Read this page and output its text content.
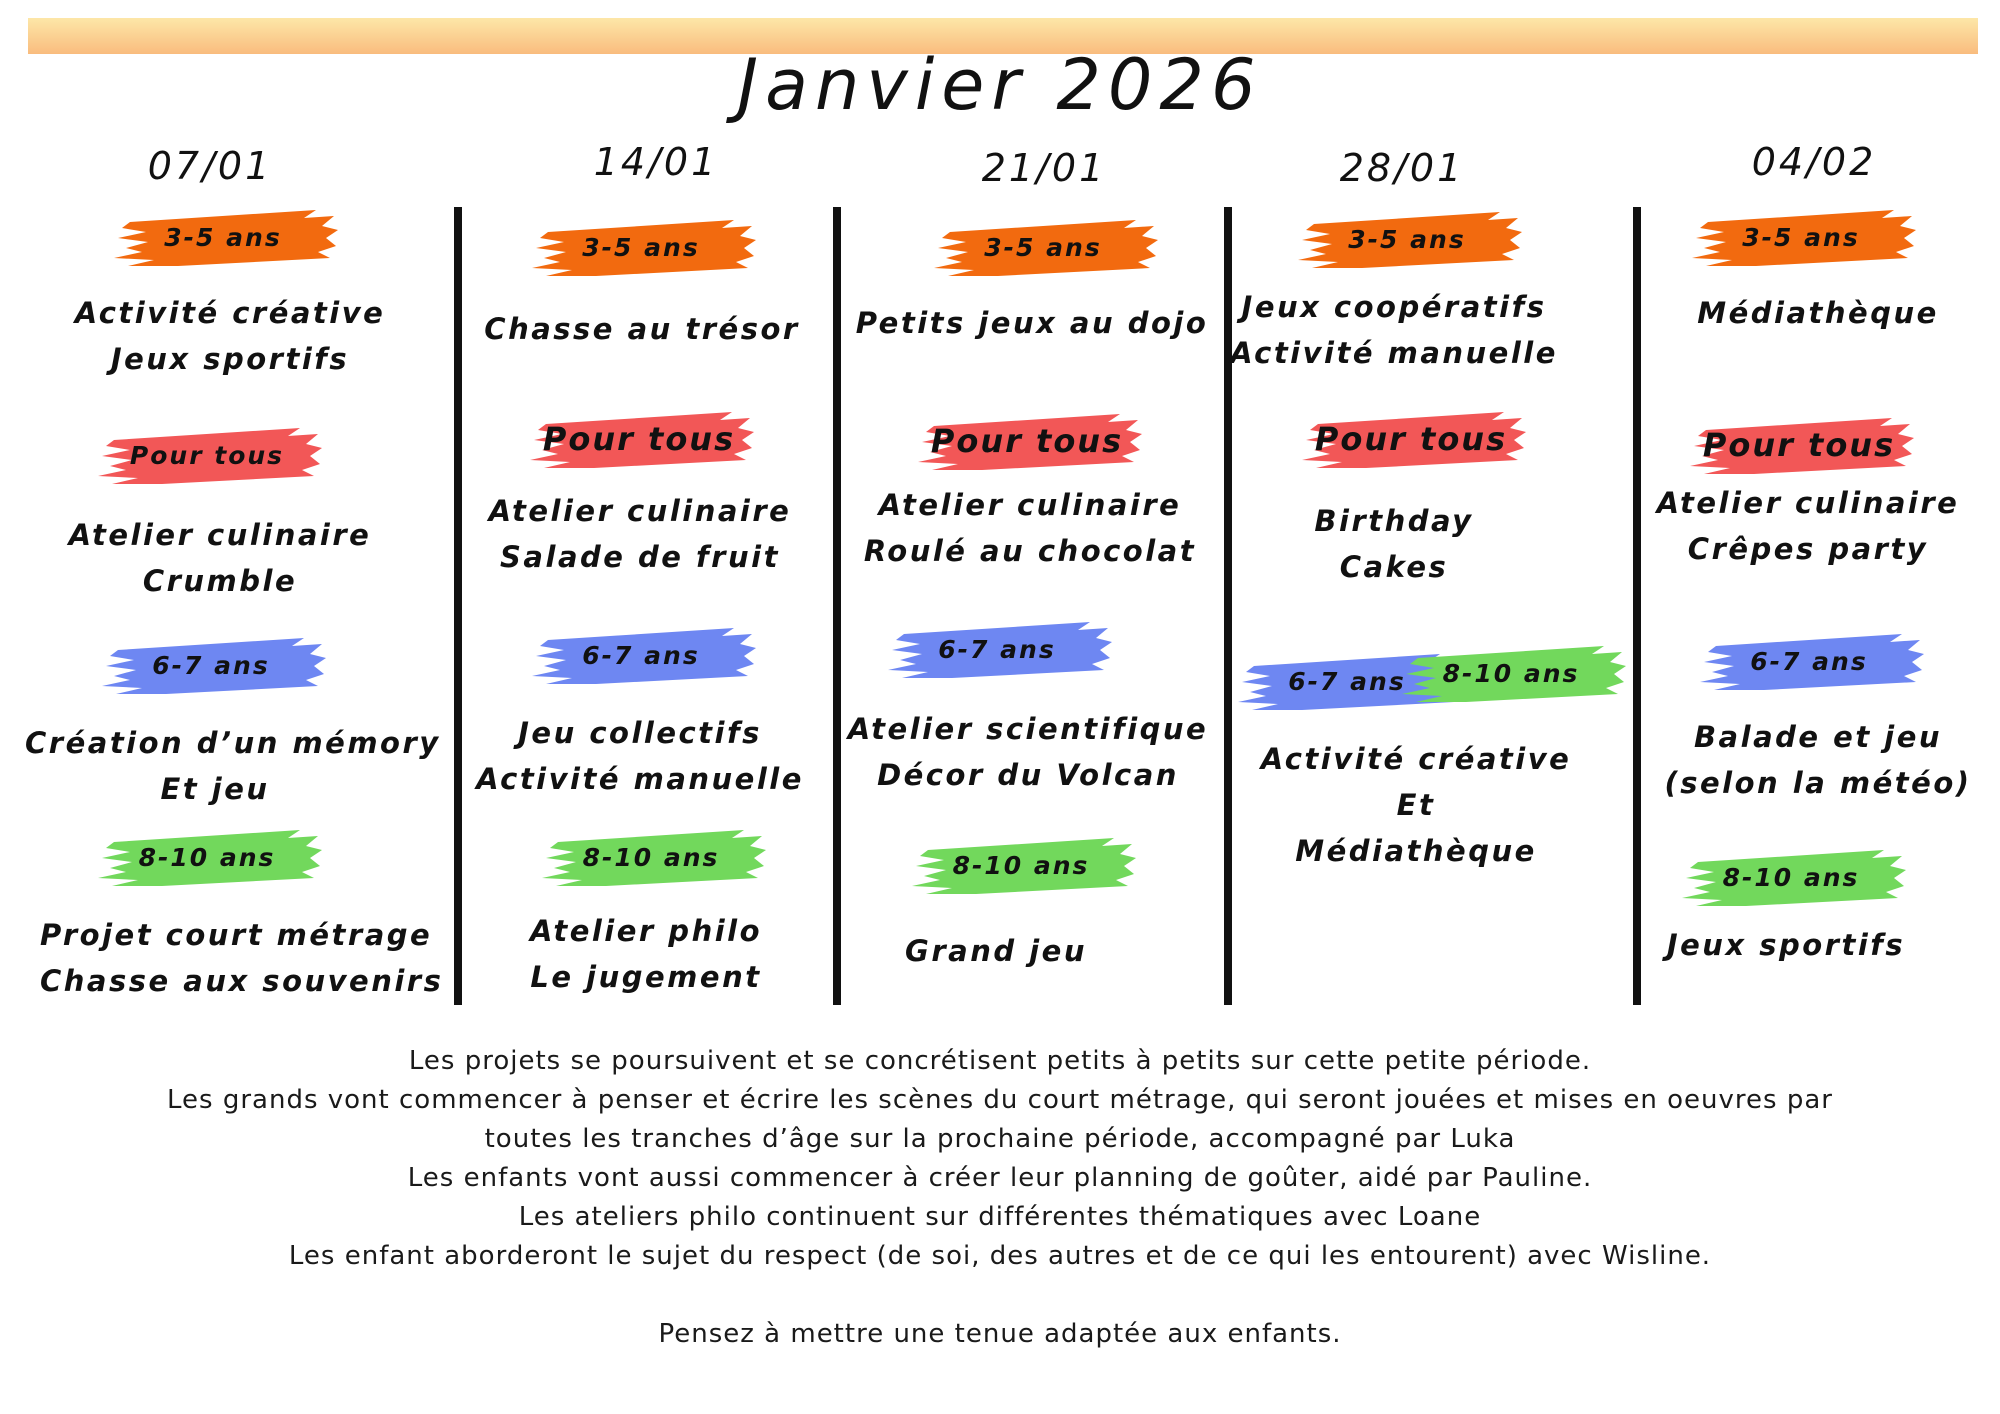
Janvier 2026
07/01
3-5 ans
Activité créative
Jeux sportifs
Pour tous
Atelier culinaire
Crumble
6-7 ans
Création d’un mémory
Et jeu
8-10 ans
Projet court métrage
Chasse aux souvenirs
14/01
3-5 ans
Chasse au trésor
Pour tous
Atelier culinaire
Salade de fruit
6-7 ans
Jeu collectifs
Activité manuelle
8-10 ans
Atelier philo
Le jugement
21/01
3-5 ans
Petits jeux au dojo
Pour tous
Atelier culinaire
Roulé au chocolat
6-7 ans
Atelier scientifique
Décor du Volcan
8-10 ans
Grand jeu
28/01
3-5 ans
Jeux coopératifs
Activité manuelle
Pour tous
Birthday
Cakes
6-7 ans	8-10 ans
Activité créative
Et
Médiathèque
04/02
3-5 ans
Médiathèque
Pour tous
Atelier culinaire
Crêpes party
6-7 ans
Balade et jeu
(selon la météo)
8-10 ans
Jeux sportifs
Les projets se poursuivent et se concrétisent petits à petits sur cette petite période.
Les grands vont commencer à penser et écrire les scènes du court métrage, qui seront jouées et mises en oeuvres par
toutes les tranches d’âge sur la prochaine période, accompagné par Luka
Les enfants vont aussi commencer à créer leur planning de goûter, aidé par Pauline.
Les ateliers philo continuent sur différentes thématiques avec Loane
Les enfant aborderont le sujet du respect (de soi, des autres et de ce qui les entourent) avec Wisline.
Pensez à mettre une tenue adaptée aux enfants.
